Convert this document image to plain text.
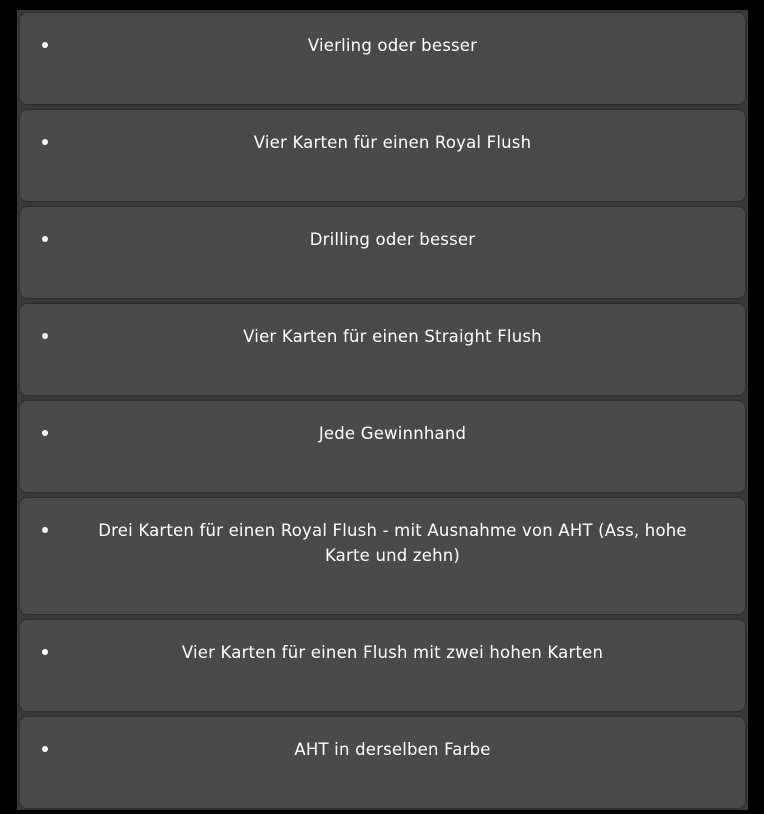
Vierling oder besser
Vier Karten für einen Royal Flush
Drilling oder besser
Vier Karten für einen Straight Flush
Jede Gewinnhand
Drei Karten für einen Royal Flush - mit Ausnahme von AHT (Ass, hohe Karte und zehn)
Vier Karten für einen Flush mit zwei hohen Karten
AHT in derselben Farbe
